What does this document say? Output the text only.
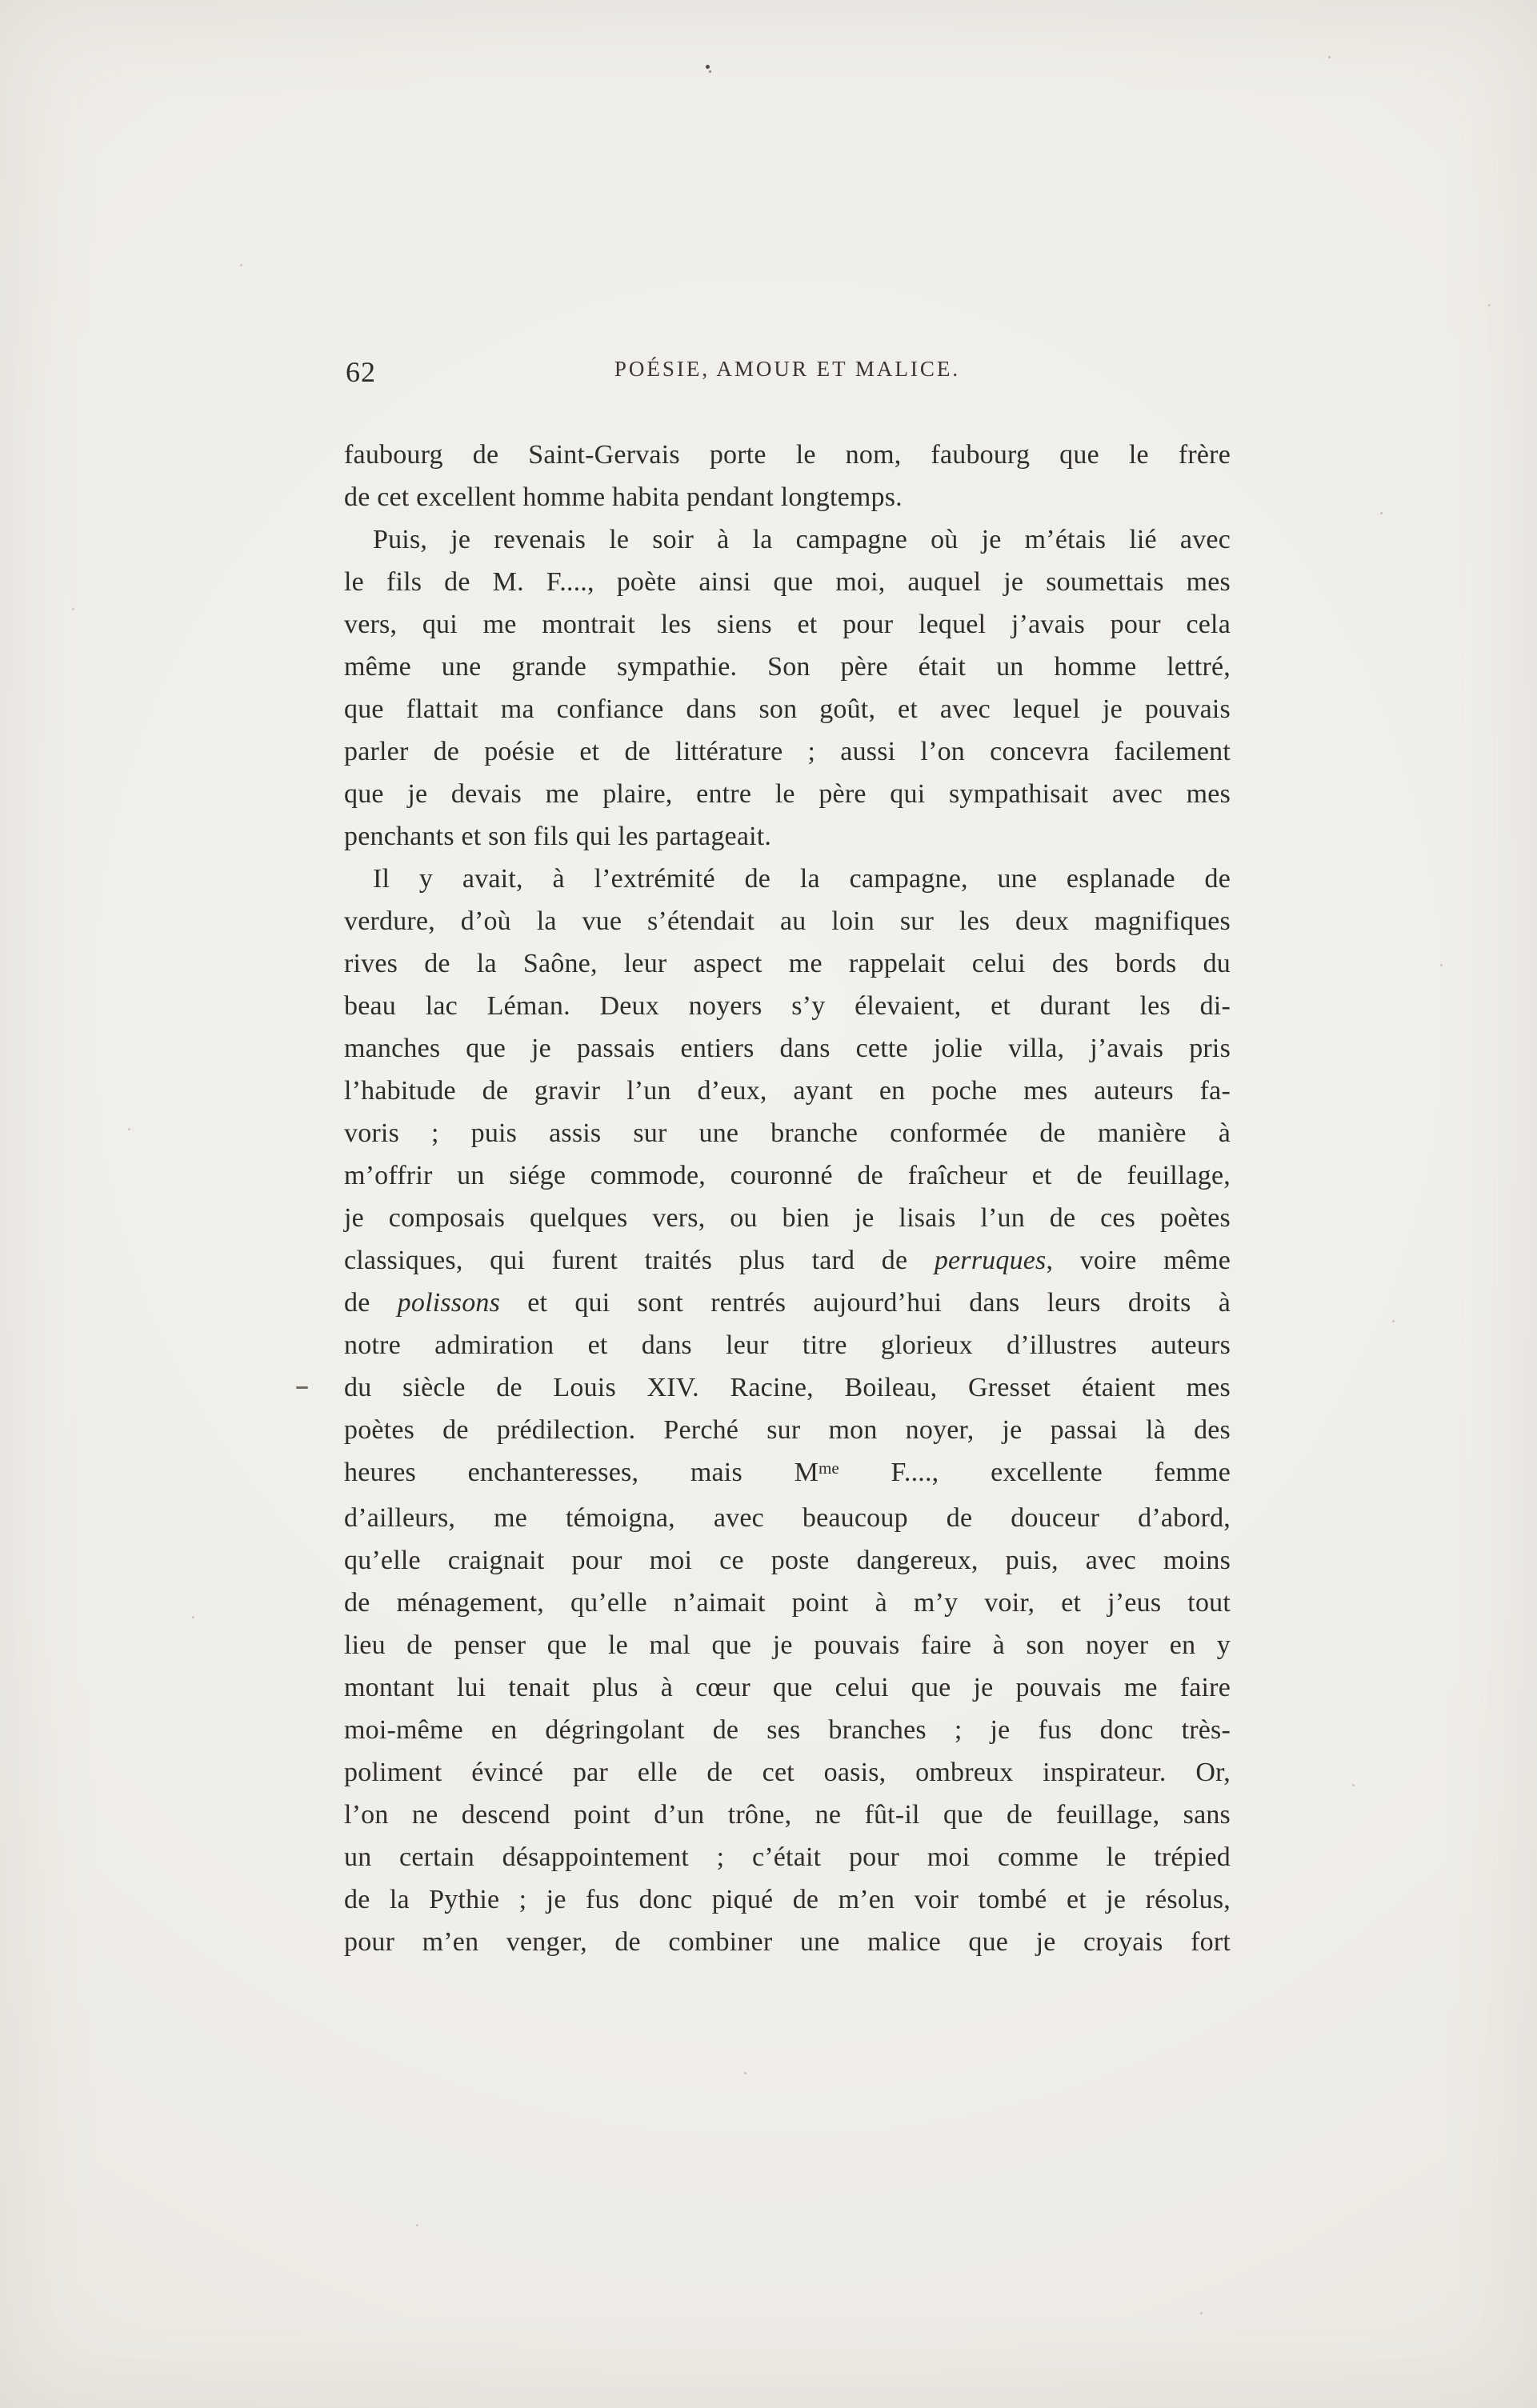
62	POÉSIE, AMOUR ET MALICE.
faubourg de Saint-Gervais porte le nom, faubourg que le frère
de cet excellent homme habita pendant longtemps.
Puis, je revenais le soir à la campagne où je m’étais lié avec
le fils de M. F...., poète ainsi que moi, auquel je soumettais mes
vers, qui me montrait les siens et pour lequel j’avais pour cela
même une grande sympathie. Son père était un homme lettré,
que flattait ma confiance dans son goût, et avec lequel je pouvais
parler de poésie et de littérature ; aussi l’on concevra facilement
que je devais me plaire, entre le père qui sympathisait avec mes
penchants et son fils qui les partageait.
Il y avait, à l’extrémité de la campagne, une esplanade de
verdure, d’où la vue s’étendait au loin sur les deux magnifiques
rives de la Saône, leur aspect me rappelait celui des bords du
beau lac Léman. Deux noyers s’y élevaient, et durant les di-
manches que je passais entiers dans cette jolie villa, j’avais pris
l’habitude de gravir l’un d’eux, ayant en poche mes auteurs fa-
voris ; puis assis sur une branche conformée de manière à
m’offrir un siége commode, couronné de fraîcheur et de feuillage,
je composais quelques vers, ou bien je lisais l’un de ces poètes
classiques, qui furent traités plus tard de perruques, voire même
de polissons et qui sont rentrés aujourd’hui dans leurs droits à
notre admiration et dans leur titre glorieux d’illustres auteurs
du siècle de Louis XIV. Racine, Boileau, Gresset étaient mes
poètes de prédilection. Perché sur mon noyer, je passai là des
heures enchanteresses, mais $M^{me}$ F...., excellente femme
d’ailleurs, me témoigna, avec beaucoup de douceur d’abord,
qu’elle craignait pour moi ce poste dangereux, puis, avec moins
de ménagement, qu’elle n’aimait point à m’y voir, et j’eus tout
lieu de penser que le mal que je pouvais faire à son noyer en y
montant lui tenait plus à cœur que celui que je pouvais me faire
moi-même en dégringolant de ses branches ; je fus donc très-
poliment évincé par elle de cet oasis, ombreux inspirateur. Or,
l’on ne descend point d’un trône, ne fût-il que de feuillage, sans
un certain désappointement ; c’était pour moi comme le trépied
de la Pythie ; je fus donc piqué de m’en voir tombé et je résolus,
pour m’en venger, de combiner une malice que je croyais fort
